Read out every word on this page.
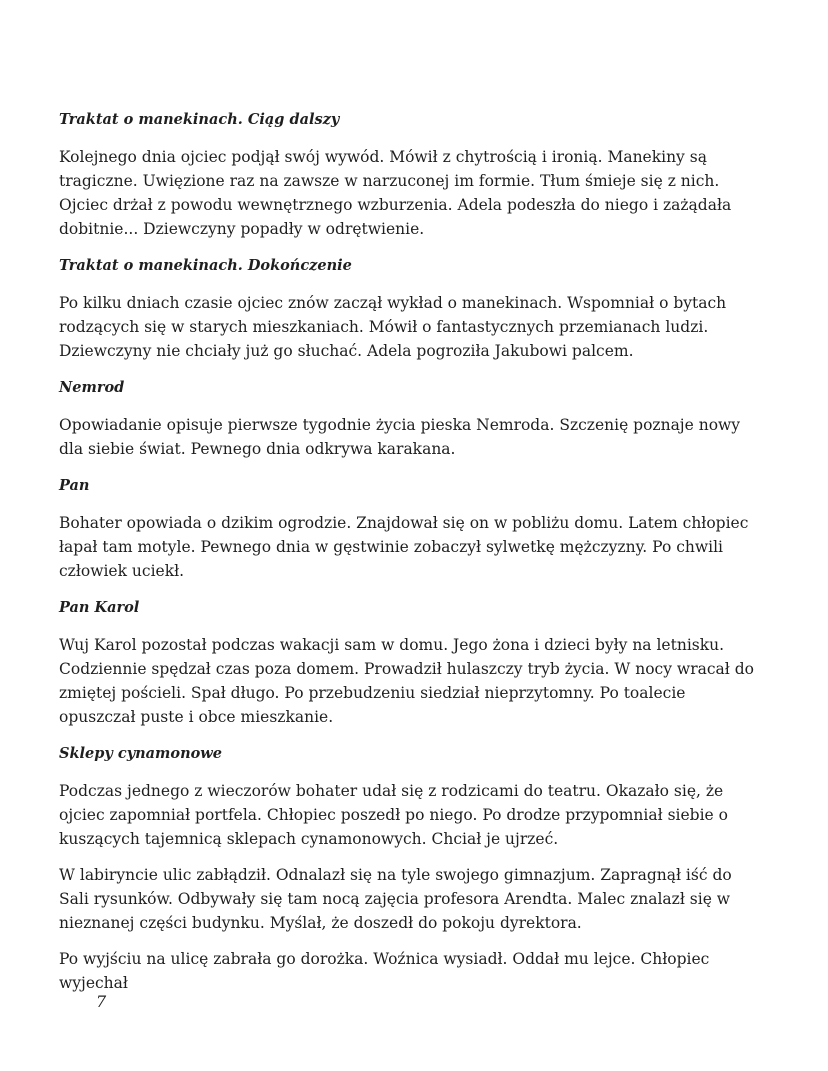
Traktat o manekinach. Ciąg dalszy

Kolejnego dnia ojciec podjął swój wywód. Mówił z chytrością i ironią. Manekiny są tragiczne. Uwięzione raz na zawsze w narzuconej im formie. Tłum śmieje się z nich. Ojciec drżał z powodu wewnętrznego wzburzenia. Adela podeszła do niego i zażądała dobitnie... Dziewczyny popadły w odrętwienie.

Traktat o manekinach. Dokończenie

Po kilku dniach czasie ojciec znów zaczął wykład o manekinach. Wspomniał o bytach rodzących się w starych mieszkaniach. Mówił o fantastycznych przemianach ludzi. Dziewczyny nie chciały już go słuchać. Adela pogroziła Jakubowi palcem.

Nemrod

Opowiadanie opisuje pierwsze tygodnie życia pieska Nemroda. Szczenię poznaje nowy dla siebie świat. Pewnego dnia odkrywa karakana.

Pan

Bohater opowiada o dzikim ogrodzie. Znajdował się on w pobliżu domu. Latem chłopiec łapał tam motyle. Pewnego dnia w gęstwinie zobaczył sylwetkę mężczyzny. Po chwili człowiek uciekł.

Pan Karol

Wuj Karol pozostał podczas wakacji sam w domu. Jego żona i dzieci były na letnisku. Codziennie spędzał czas poza domem. Prowadził hulaszczy tryb życia. W nocy wracał do zmiętej pościeli. Spał długo. Po przebudzeniu siedział nieprzytomny. Po toalecie opuszczał puste i obce mieszkanie.

Sklepy cynamonowe

Podczas jednego z wieczorów bohater udał się z rodzicami do teatru. Okazało się, że ojciec zapomniał portfela. Chłopiec poszedł po niego. Po drodze przypomniał siebie o kuszących tajemnicą sklepach cynamonowych. Chciał je ujrzeć.

W labiryncie ulic zabłądził. Odnalazł się na tyle swojego gimnazjum. Zapragnął iść do Sali rysunków. Odbywały się tam nocą zajęcia profesora Arendta. Malec znalazł się w nieznanej części budynku. Myślał, że doszedł do pokoju dyrektora.

Po wyjściu na ulicę zabrała go dorożka. Woźnica wysiadł. Oddał mu lejce. Chłopiec wyjechał

7
